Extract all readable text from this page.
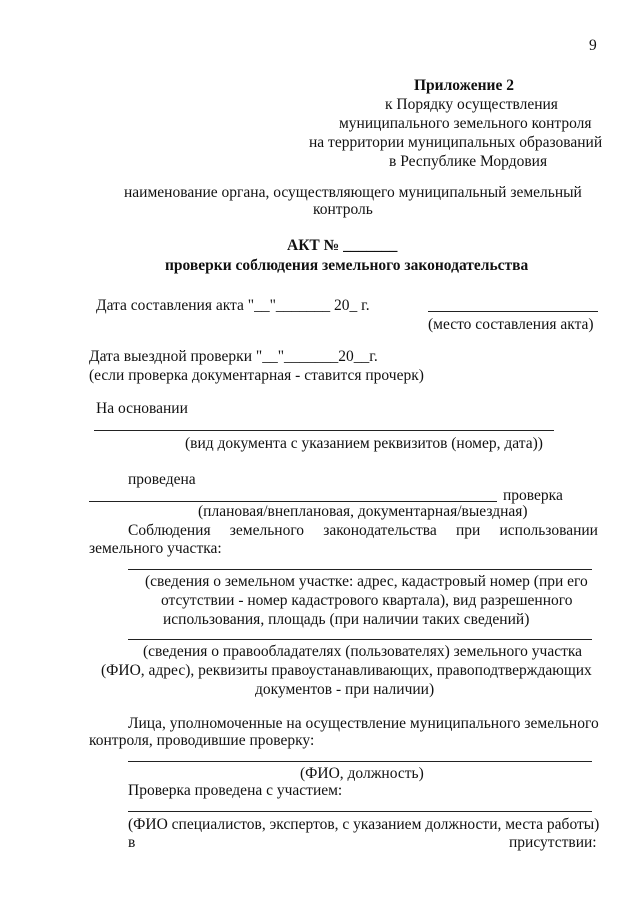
9
Приложение 2
к Порядку осуществления
муниципального земельного контроля
на территории муниципальных образований
в Республике Мордовия
наименование органа, осуществляющего муниципальный земельный
контроль
АКТ № _______
проверки соблюдения земельного законодательства
Дата составления акта "__"_______ 20_ г.
(место составления акта)
Дата выездной проверки "__"_______20__г.
(если проверка документарная - ставится прочерк)
На основании
(вид документа с указанием реквизитов (номер, дата))
проведена
проверка
(плановая/внеплановая, документарная/выездная)
Соблюдения земельного законодательства при использовании
земельного участка:
(сведения о земельном участке: адрес, кадастровый номер (при его
отсутствии - номер кадастрового квартала), вид разрешенного
использования, площадь (при наличии таких сведений)
(сведения о правообладателях (пользователях) земельного участка
(ФИО, адрес), реквизиты правоустанавливающих, правоподтверждающих
документов - при наличии)
Лица, уполномоченные на осуществление муниципального земельного
контроля, проводившие проверку:
(ФИО, должность)
Проверка проведена с участием:
(ФИО специалистов, экспертов, с указанием должности, места работы)
в	присутствии:
